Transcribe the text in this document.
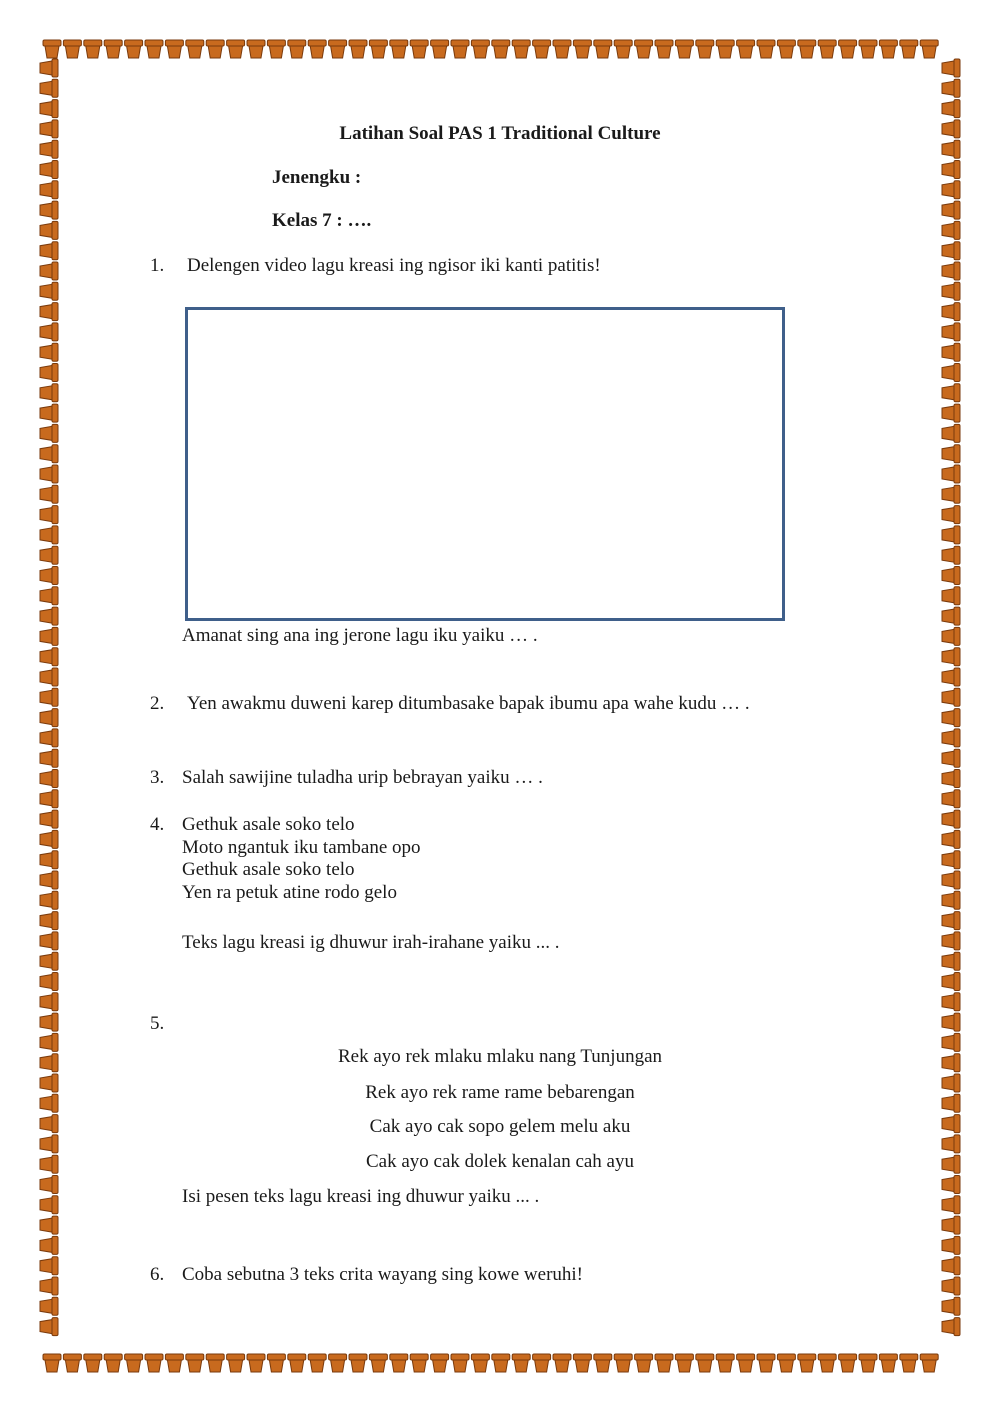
Latihan Soal PAS 1 Traditional Culture
Jenengku :
Kelas 7 : ….
1. Delengen video lagu kreasi ing ngisor iki kanti patitis!
Amanat sing ana ing jerone lagu iku yaiku … .
2. Yen awakmu duweni karep ditumbasake bapak ibumu apa wahe kudu … .
3. Salah sawijine tuladha urip bebrayan yaiku … .
4. Gethuk asale soko telo
Moto ngantuk iku tambane opo
Gethuk asale soko telo
Yen ra petuk atine rodo gelo
Teks lagu kreasi ig dhuwur irah-irahane yaiku ... .
5.
Rek ayo rek mlaku mlaku nang Tunjungan
Rek ayo rek rame rame bebarengan
Cak ayo cak sopo gelem melu aku
Cak ayo cak dolek kenalan cah ayu
Isi pesen teks lagu kreasi ing dhuwur yaiku ... .
6. Coba sebutna 3 teks crita wayang sing kowe weruhi!
